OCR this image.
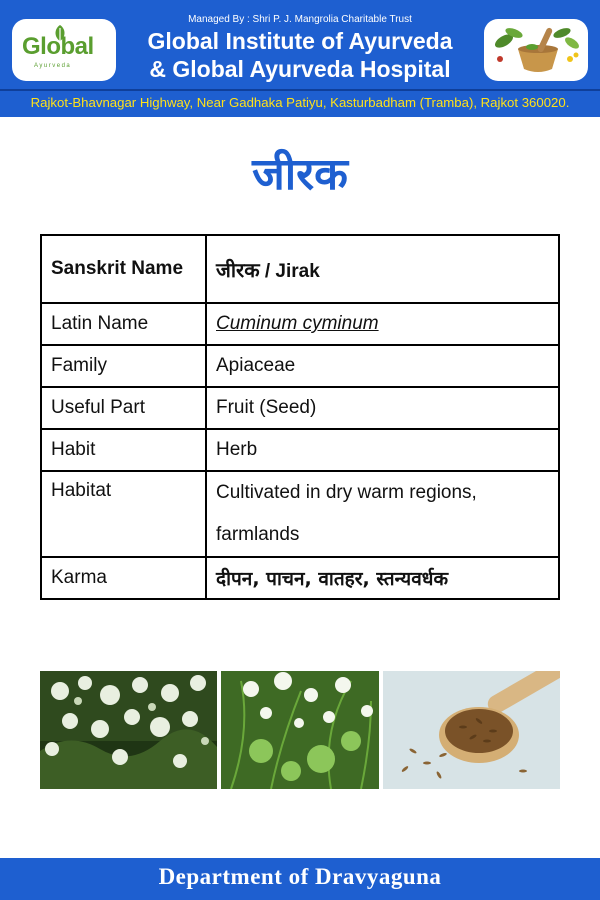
Global
Ayurveda
Managed By : Shri P. J. Mangrolia Charitable Trust
Global Institute of Ayurveda
& Global Ayurveda Hospital
Rajkot-Bhavnagar Highway, Near Gadhaka Patiyu, Kasturbadham (Tramba), Rajkot 360020.
जीरक
Sanskrit Name	जीरक / Jirak
Latin Name	Cuminum cyminum
Family	Apiaceae
Useful Part	Fruit (Seed)
Habit	Herb
Habitat	Cultivated in dry warm regions,
farmlands

Karma	दीपन, पाचन, वातहर, स्तन्यवर्धक
Department of Dravyaguna
